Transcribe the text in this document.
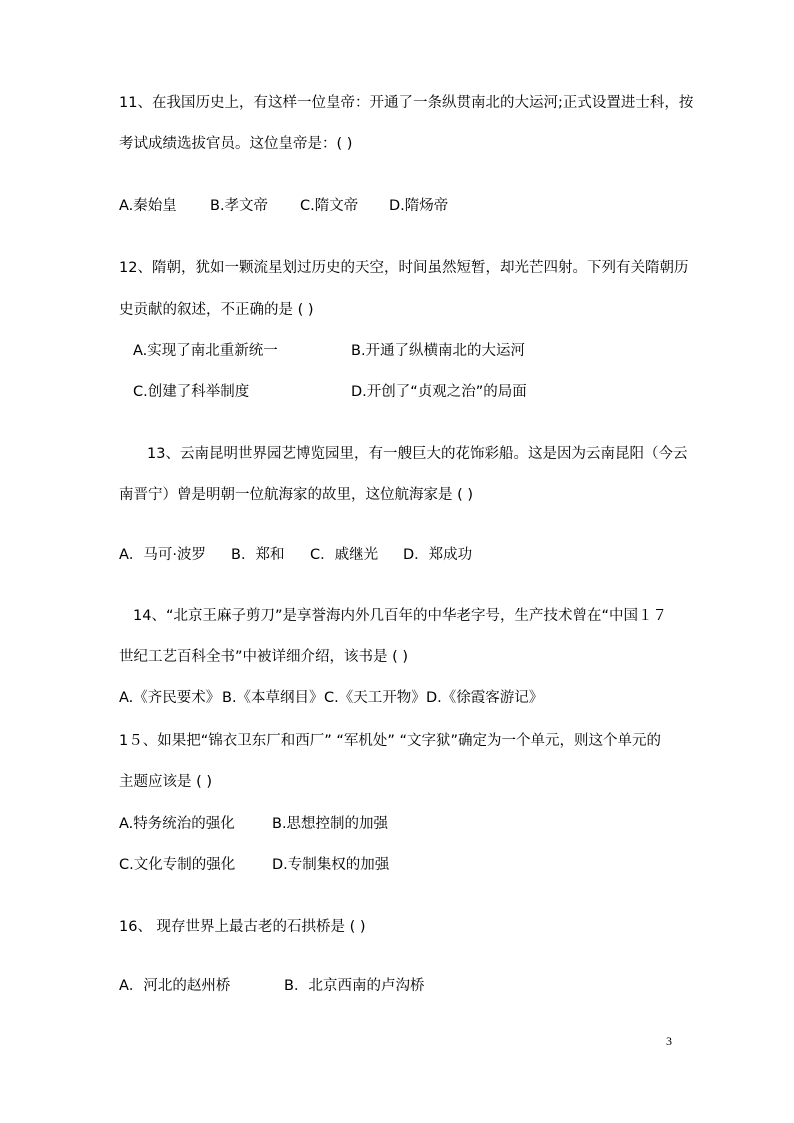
11、在我国历史上，有这样一位皇帝：开通了一条纵贯南北的大运河;正式设置进士科，按
考试成绩选拔官员。这位皇帝是：( )
A.秦始皇 B.孝文帝 C.隋文帝 D.隋炀帝
12、隋朝，犹如一颗流星划过历史的天空，时间虽然短暂，却光芒四射。下列有关隋朝历
史贡献的叙述，不正确的是 ( )
A.实现了南北重新统一	B.开通了纵横南北的大运河
C.创建了科举制度	D.开创了“贞观之治”的局面
13、云南昆明世界园艺博览园里，有一艘巨大的花饰彩船。这是因为云南昆阳（今云
南晋宁）曾是明朝一位航海家的故里，这位航海家是 ( )
A．马可·波罗 B．郑和 C．戚继光 D．郑成功
14、“北京王麻子剪刀”是享誉海内外几百年的中华老字号，生产技术曾在“中国１７
世纪工艺百科全书”中被详细介绍，该书是 ( )
A.《齐民要术》 B.《本草纲目》 C.《天工开物》 D.《徐霞客游记》
1５、如果把“锦衣卫东厂和西厂” “军机处” “文字狱”确定为一个单元，则这个单元的
主题应该是 ( )
A.特务统治的强化	B.思想控制的加强
C.文化专制的强化	D.专制集权的加强
16、 现存世界上最古老的石拱桥是 ( )
A．河北的赵州桥	B．北京西南的卢沟桥
3
